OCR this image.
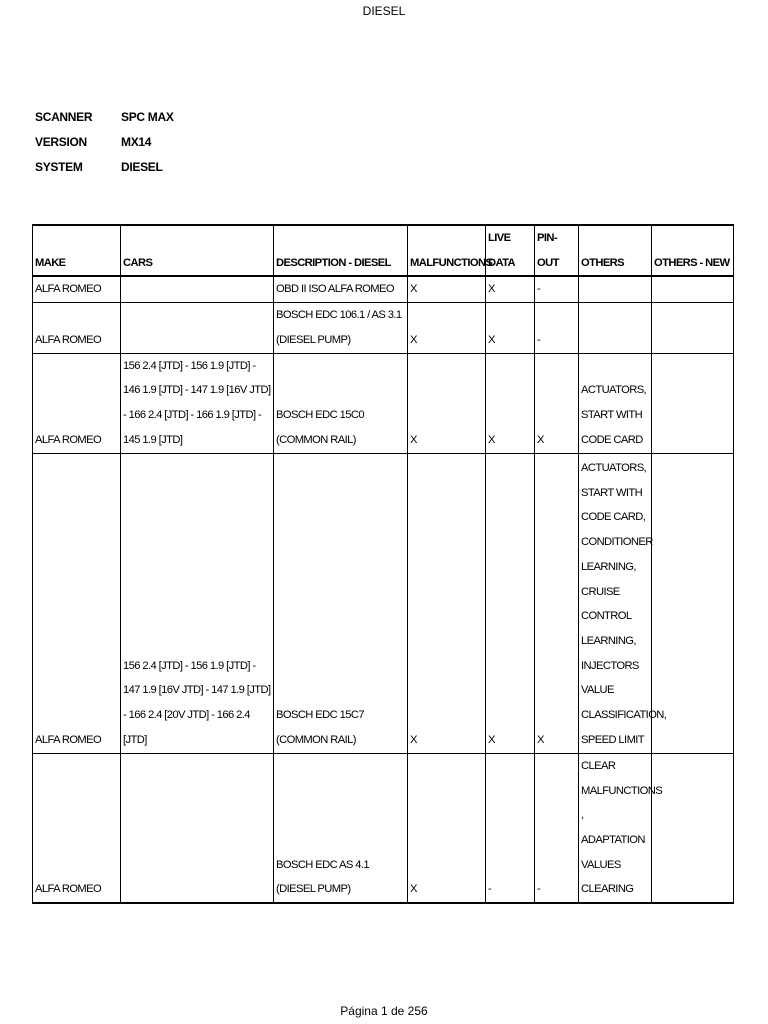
DIESEL
SCANNER	SPC MAX
VERSION	MX14
SYSTEM	DIESEL
MAKE	CARS	DESCRIPTION - DIESEL	MALFUNCTIONS	LIVE DATA	PIN-OUT	OTHERS	OTHERS - NEW
ALFA ROMEO		OBD II ISO ALFA ROMEO	X	X	-		
ALFA ROMEO		BOSCH EDC 106.1 / AS 3.1 (DIESEL PUMP)	X	X	-		
ALFA ROMEO	156 2.4 [JTD] - 156 1.9 [JTD] - 146 1.9 [JTD] - 147 1.9 [16V JTD] - 166 2.4 [JTD] - 166 1.9 [JTD] - 145 1.9 [JTD]	BOSCH EDC 15C0 (COMMON RAIL)	X	X	X	ACTUATORS, START WITH CODE CARD	
ALFA ROMEO	156 2.4 [JTD] - 156 1.9 [JTD] - 147 1.9 [16V JTD] - 147 1.9 [JTD] - 166 2.4 [20V JTD] - 166 2.4 [JTD]	BOSCH EDC 15C7 (COMMON RAIL)	X	X	X	ACTUATORS, START WITH CODE CARD, CONDITIONER LEARNING, CRUISE CONTROL LEARNING, INJECTORS VALUE CLASSIFICATION, SPEED LIMIT	
ALFA ROMEO		BOSCH EDC AS 4.1 (DIESEL PUMP)	X	-	-	CLEAR MALFUNCTIONS , ADAPTATION VALUES CLEARING	
Página 1 de 256
